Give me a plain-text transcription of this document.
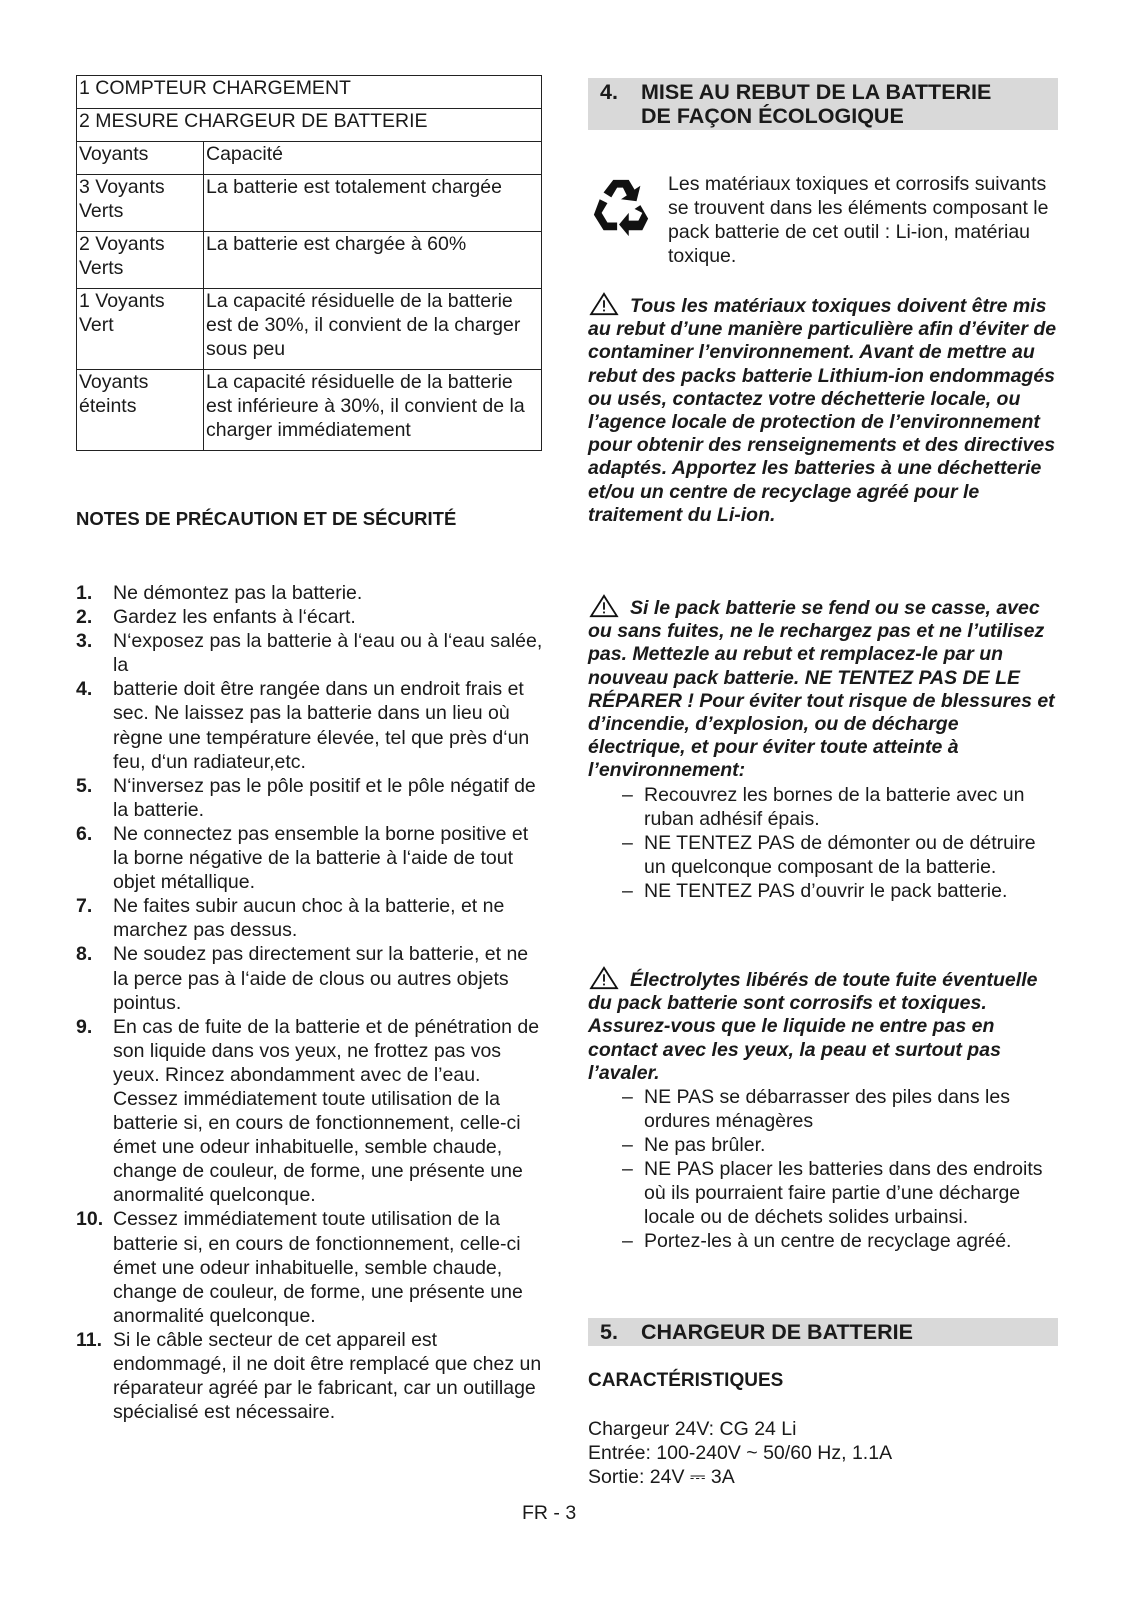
1 COMPTEUR CHARGEMENT	
2 MESURE CHARGEUR DE BATTERIE	
Voyants	Capacité
3 Voyants Verts	La batterie est totalement chargée
2 Voyants Verts	La batterie est chargée à 60%
1 Voyants Vert	La capacité résiduelle de la batterie est de 30%, il convient de la charger sous peu
Voyants éteints	La capacité résiduelle de la batterie est inférieure à 30%, il convient de la charger immédiatement
NOTES DE PRÉCAUTION ET DE SÉCURITÉ
1. Ne démontez pas la batterie.
2. Gardez les enfants à l‘écart.
3. N‘exposez pas la batterie à l‘eau ou à l‘eau salée, la
4. batterie doit être rangée dans un endroit frais et sec. Ne laissez pas la batterie dans un lieu où règne une température élevée, tel que près d‘un feu, d‘un radiateur,etc.
5. N‘inversez pas le pôle positif et le pôle négatif de la batterie.
6. Ne connectez pas ensemble la borne positive et la borne négative de la batterie à l‘aide de tout objet métallique.
7. Ne faites subir aucun choc à la batterie, et ne marchez pas dessus.
8. Ne soudez pas directement sur la batterie, et ne la perce pas à l‘aide de clous ou autres objets pointus.
9. En cas de fuite de la batterie et de pénétration de son liquide dans vos yeux, ne frottez pas vos yeux. Rincez abondamment avec de l’eau. Cessez immédiatement toute utilisation de la batterie si, en cours de fonctionnement, celle-ci émet une odeur inhabituelle, semble chaude, change de couleur, de forme, une présente une anormalité quelconque.
10. Cessez immédiatement toute utilisation de la batterie si, en cours de fonctionnement, celle-ci émet une odeur inhabituelle, semble chaude, change de couleur, de forme, une présente une anormalité quelconque.
11. Si le câble secteur de cet appareil est endommagé, il ne doit être remplacé que chez un réparateur agréé par le fabricant, car un outillage spécialisé est nécessaire.
4.	MISE AU REBUT DE LA BATTERIE
DE FAÇON ÉCOLOGIQUE
Les matériaux toxiques et corrosifs suivants se trouvent dans les éléments composant le pack batterie de cet outil : Li-ion, matériau toxique.
Tous les matériaux toxiques doivent être mis au rebut d’une manière particulière afin d’éviter de contaminer l’environnement. Avant de mettre au rebut des packs batterie Lithium-ion endommagés ou usés, contactez votre déchetterie locale, ou l’agence locale de protection de l’environnement pour obtenir des renseignements et des directives adaptés. Apportez les batteries à une déchetterie et/ou un centre de recyclage agréé pour le traitement du Li-ion.
Si le pack batterie se fend ou se casse, avec ou sans fuites, ne le rechargez pas et ne l’utilisez pas. Mettezle au rebut et remplacez-le par un nouveau pack batterie. NE TENTEZ PAS DE LE RÉPARER ! Pour éviter tout risque de blessures et d’incendie, d’explosion, ou de décharge électrique, et pour éviter toute atteinte à l’environnement:
– Recouvrez les bornes de la batterie avec un ruban adhésif épais.
– NE TENTEZ PAS de démonter ou de détruire un quelconque composant de la batterie.
– NE TENTEZ PAS d’ouvrir le pack batterie.
Électrolytes libérés de toute fuite éventuelle du pack batterie sont corrosifs et toxiques. Assurez-vous que le liquide ne entre pas en contact avec les yeux, la peau et surtout pas l’avaler.
– NE PAS se débarrasser des piles dans les ordures ménagères
– Ne pas brûler.
– NE PAS placer les batteries dans des endroits où ils pourraient faire partie d’une décharge locale ou de déchets solides urbainsi.
– Portez-les à un centre de recyclage agréé.
5.	CHARGEUR DE BATTERIE
CARACTÉRISTIQUES
Chargeur 24V: CG 24 Li
Entrée: 100-240V ~ 50/60 Hz, 1.1A
Sortie: 24V ⎓ 3A
FR - 3
